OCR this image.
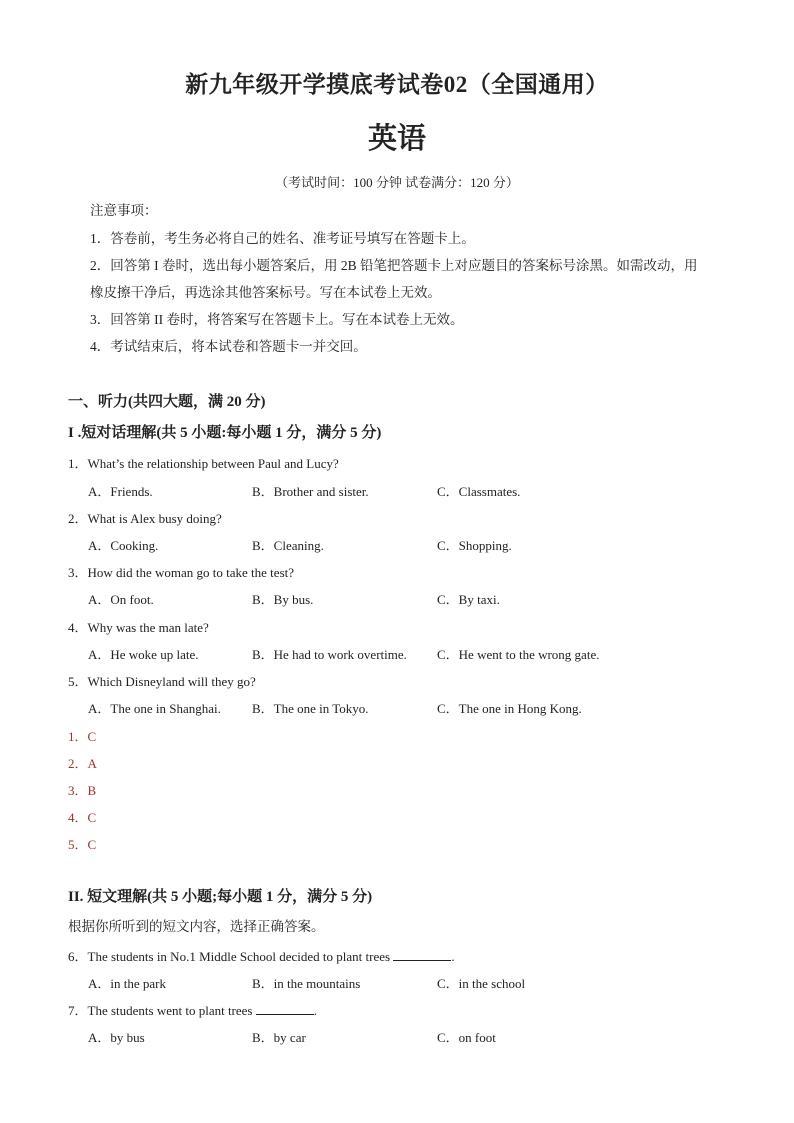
新九年级开学摸底考试卷02（全国通用）
英语
（考试时间：100 分钟 试卷满分：120 分）
注意事项：
1．答卷前，考生务必将自己的姓名、准考证号填写在答题卡上。
2．回答第 I 卷时，选出每小题答案后，用 2B 铅笔把答题卡上对应题目的答案标号涂黑。如需改动，用
橡皮擦干净后，再选涂其他答案标号。写在本试卷上无效。
3．回答第 II 卷时，将答案写在答题卡上。写在本试卷上无效。
4．考试结束后，将本试卷和答题卡一并交回。
一、听力(共四大题，满 20 分)
I .短对话理解(共 5 小题:每小题 1 分，满分 5 分)
1．What’s the relationship between Paul and Lucy?
A．Friends.	B．Brother and sister.	C．Classmates.
2．What is Alex busy doing?
A．Cooking.	B．Cleaning.	C．Shopping.
3．How did the woman go to take the test?
A．On foot.	B．By bus.	C．By taxi.
4．Why was the man late?
A．He woke up late.	B．He had to work overtime. C．He went to the wrong gate.
5．Which Disneyland will they go?
A．The one in Shanghai. B．The one in Tokyo.	C．The one in Hong Kong.
1．C
2．A
3．B
4．C
5．C
II. 短文理解(共 5 小题;每小题 1 分，满分 5 分)
根据你所听到的短文内容，选择正确答案。
6．The students in No.1 Middle School decided to plant trees	.
A．in the park	B．in the mountains	C．in the school
7．The students went to plant trees	.
A．by bus	B．by car	C．on foot
